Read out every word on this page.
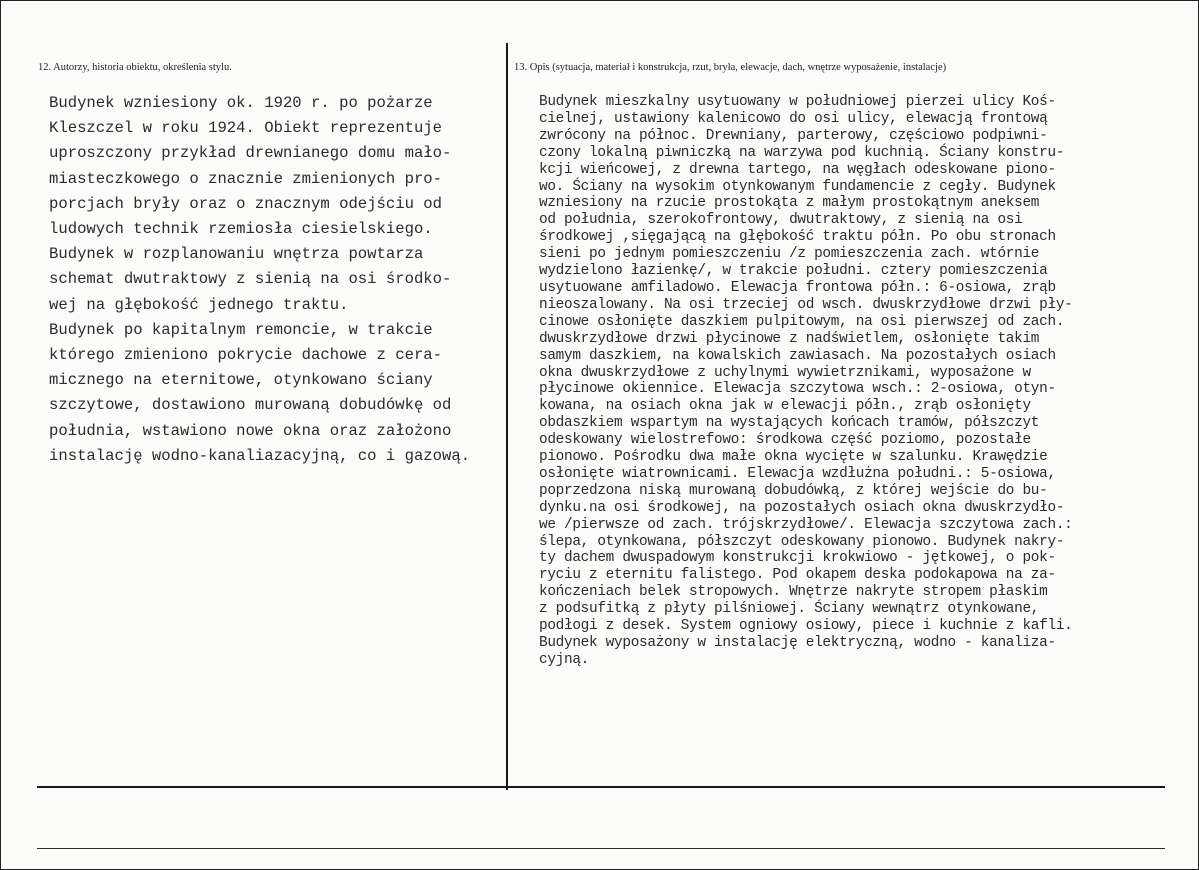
12. Autorzy, historia obiektu, określenia stylu.	13. Opis (sytuacja, materiał i konstrukcja, rzut, bryła, elewacje, dach, wnętrze wyposażenie, instalacje)
Budynek wzniesiony ok. 1920 r. po pożarze
Kleszczel w roku 1924. Obiekt reprezentuje
uproszczony przykład drewnianego domu mało-
miasteczkowego o znacznie zmienionych pro-
porcjach bryły oraz o znacznym odejściu od
ludowych technik rzemiosła ciesielskiego.
Budynek w rozplanowaniu wnętrza powtarza
schemat dwutraktowy z sienią na osi środko-
wej na głębokość jednego traktu.
Budynek po kapitalnym remoncie, w trakcie
którego zmieniono pokrycie dachowe z cera-
micznego na eternitowe, otynkowano ściany
szczytowe, dostawiono murowaną dobudówkę od
południa, wstawiono nowe okna oraz założono
instalację wodno-kanaliazacyjną, co i gazową.
Budynek mieszkalny usytuowany w południowej pierzei ulicy Koś-
cielnej, ustawiony kalenicowo do osi ulicy, elewacją frontową
zwrócony na północ. Drewniany, parterowy, częściowo podpiwni-
czony lokalną piwniczką na warzywa pod kuchnią. Ściany konstru-
kcji wieńcowej, z drewna tartego, na węgłach odeskowane piono-
wo. Ściany na wysokim otynkowanym fundamencie z cegły. Budynek
wzniesiony na rzucie prostokąta z małym prostokątnym aneksem
od południa, szerokofrontowy, dwutraktowy, z sienią na osi
środkowej ,sięgającą na głębokość traktu półn. Po obu stronach
sieni po jednym pomieszczeniu /z pomieszczenia zach. wtórnie
wydzielono łazienkę/, w trakcie południ. cztery pomieszczenia
usytuowane amfiladowo. Elewacja frontowa półn.: 6-osiowa, zrąb
nieoszalowany. Na osi trzeciej od wsch. dwuskrzydłowe drzwi pły-
cinowe osłonięte daszkiem pulpitowym, na osi pierwszej od zach.
dwuskrzydłowe drzwi płycinowe z nadświetlem, osłonięte takim
samym daszkiem, na kowalskich zawiasach. Na pozostałych osiach
okna dwuskrzydłowe z uchylnymi wywietrznikami, wyposażone w
płycinowe okiennice. Elewacja szczytowa wsch.: 2-osiowa, otyn-
kowana, na osiach okna jak w elewacji półn., zrąb osłonięty
obdaszkiem wspartym na wystających końcach tramów, półszczyt
odeskowany wielostrefowo: środkowa część poziomo, pozostałe
pionowo. Pośrodku dwa małe okna wycięte w szalunku. Krawędzie
osłonięte wiatrownicami. Elewacja wzdłużna południ.: 5-osiowa,
poprzedzona niską murowaną dobudówką, z której wejście do bu-
dynku.na osi środkowej, na pozostałych osiach okna dwuskrzydło-
we /pierwsze od zach. trójskrzydłowe/. Elewacja szczytowa zach.:
ślepa, otynkowana, półszczyt odeskowany pionowo. Budynek nakry-
ty dachem dwuspadowym konstrukcji krokwiowo - jętkowej, o pok-
ryciu z eternitu falistego. Pod okapem deska podokapowa na za-
kończeniach belek stropowych. Wnętrze nakryte stropem płaskim
z podsufitką z płyty pilśniowej. Ściany wewnątrz otynkowane,
podłogi z desek. System ogniowy osiowy, piece i kuchnie z kafli.
Budynek wyposażony w instalację elektryczną, wodno - kanaliza-
cyjną.
